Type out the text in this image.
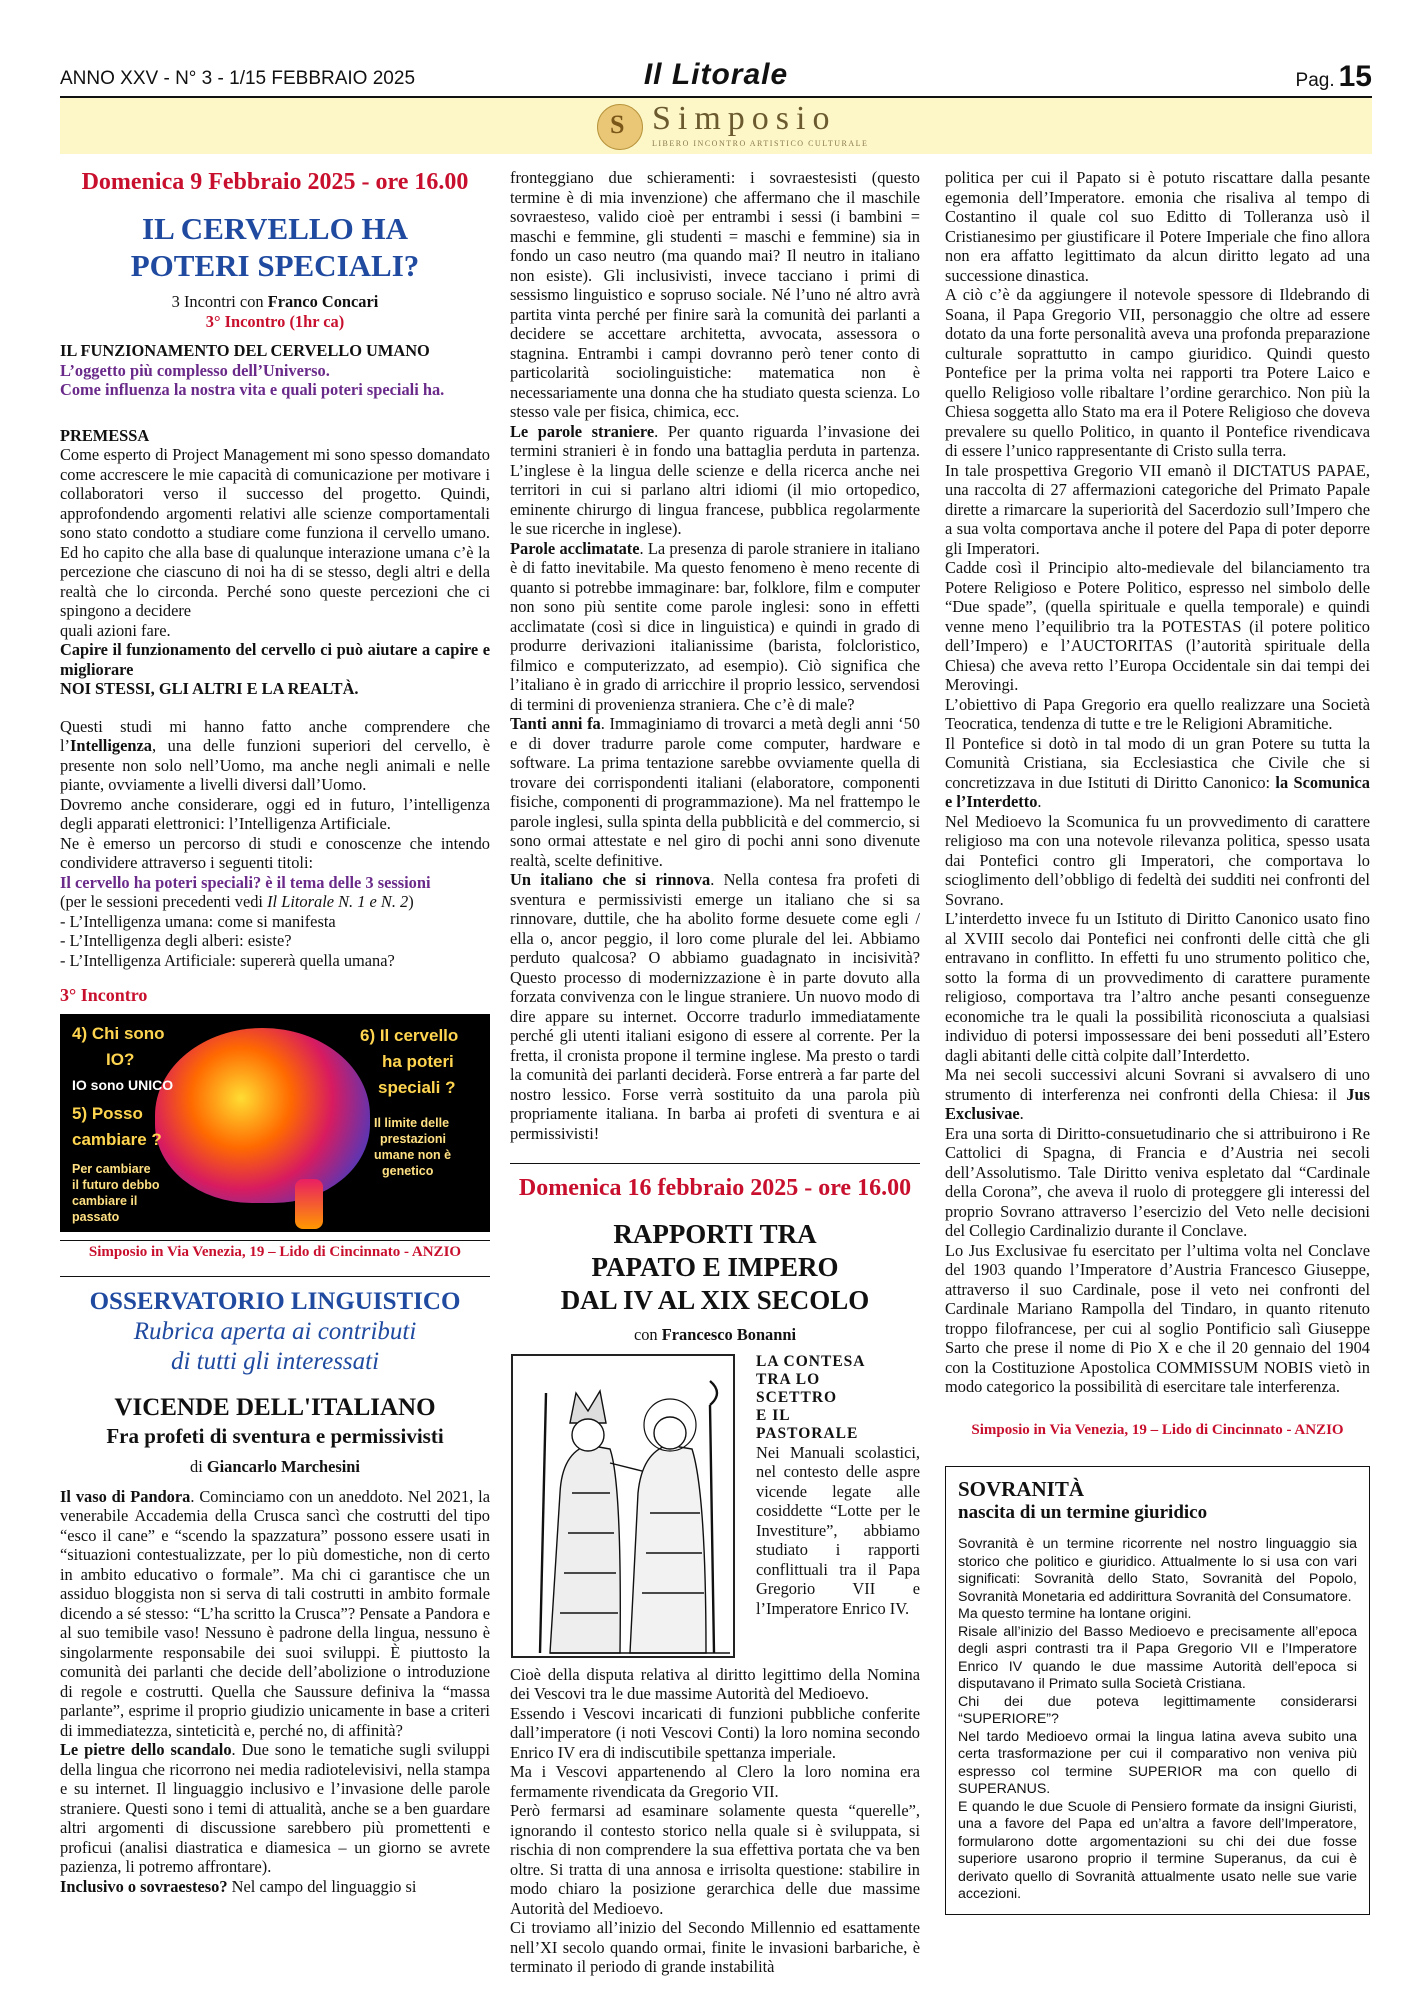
ANNO XXV - N° 3 - 1/15 FEBBRAIO 2025	Il Litorale	Pag. 15
S Simposio
LIBERO INCONTRO ARTISTICO CULTURALE
Domenica 9 Febbraio 2025 - ore 16.00
IL CERVELLO HA
POTERI SPECIALI?
3 Incontri con Franco Concari
3° Incontro (1hr ca)

IL FUNZIONAMENTO DEL CERVELLO UMANO

L’oggetto più complesso dell’Universo.

Come influenza la nostra vita e quali poteri speciali ha.

PREMESSA

Come esperto di Project Management mi sono spesso domandato come accrescere le mie capacità di comunicazione per motivare i collaboratori verso il successo del progetto. Quindi, approfondendo argomenti relativi alle scienze comportamentali sono stato condotto a studiare come funziona il cervello umano. Ed ho capito che alla base di qualunque interazione umana c’è la percezione che ciascuno di noi ha di se stesso, degli altri e della realtà che lo circonda. Perché sono queste percezioni che ci spingono a decidere

quali azioni fare.

Capire il funzionamento del cervello ci può aiutare a capire e migliorare

NOI STESSI, GLI ALTRI E LA REALTÀ.

Questi studi mi hanno fatto anche comprendere che l’Intelligenza, una delle funzioni superiori del cervello, è presente non solo nell’Uomo, ma anche negli animali e nelle piante, ovviamente a livelli diversi dall’Uomo.

Dovremo anche considerare, oggi ed in futuro, l’intelligenza degli apparati elettronici: l’Intelligenza Artificiale.

Ne è emerso un percorso di studi e conoscenze che intendo condividere attraverso i seguenti titoli:

Il cervello ha poteri speciali? è il tema delle 3 sessioni

(per le sessioni precedenti vedi Il Litorale N. 1 e N. 2)

- L’Intelligenza umana: come si manifesta

- L’Intelligenza degli alberi: esiste?

- L’Intelligenza Artificiale: supererà quella umana?

3° Incontro

4) Chi sono
IO?
IO sono UNICO
5) Posso
cambiare ?
Per cambiare
il futuro debbo
cambiare il
passato
6) Il cervello
ha poteri
speciali ?
Il limite delle
prestazioni
umane non è
genetico
Simposio in Via Venezia, 19 – Lido di Cincinnato - ANZIO
OSSERVATORIO LINGUISTICO
Rubrica aperta ai contributi
di tutti gli interessati
VICENDE DELL'ITALIANO
Fra profeti di sventura e permissivisti
di Giancarlo Marchesini

Il vaso di Pandora. Cominciamo con un aneddoto. Nel 2021, la venerabile Accademia della Crusca sancì che costrutti del tipo “esco il cane” e “scendo la spazzatura” possono essere usati in “situazioni contestualizzate, per lo più domestiche, non di certo in ambito educativo o formale”. Ma chi ci garantisce che un assiduo bloggista non si serva di tali costrutti in ambito formale dicendo a sé stesso: “L’ha scritto la Crusca”? Pensate a Pandora e al suo temibile vaso! Nessuno è padrone della lingua, nessuno è singolarmente responsabile dei suoi sviluppi. È piuttosto la comunità dei parlanti che decide dell’abolizione o introduzione di regole e costrutti. Quella che Saussure definiva la “massa parlante”, esprime il proprio giudizio unicamente in base a criteri di immediatezza, sinteticità e, perché no, di affinità?

Le pietre dello scandalo. Due sono le tematiche sugli sviluppi della lingua che ricorrono nei media radiotelevisivi, nella stampa e su internet. Il linguaggio inclusivo e l’invasione delle parole straniere. Questi sono i temi di attualità, anche se a ben guardare altri argomenti di discussione sarebbero più promettenti e proficui (analisi diastratica e diamesica – un giorno se avrete pazienza, li potremo affrontare).

Inclusivo o sovraesteso? Nel campo del linguaggio si

fronteggiano due schieramenti: i sovraestesisti (questo termine è di mia invenzione) che affermano che il maschile sovraesteso, valido cioè per entrambi i sessi (i bambini = maschi e femmine, gli studenti = maschi e femmine) sia in fondo un caso neutro (ma quando mai? Il neutro in italiano non esiste). Gli inclusivisti, invece tacciano i primi di sessismo linguistico e sopruso sociale. Né l’uno né altro avrà partita vinta perché per finire sarà la comunità dei parlanti a decidere se accettare architetta, avvocata, assessora o stagnina. Entrambi i campi dovranno però tener conto di particolarità sociolinguistiche: matematica non è necessariamente una donna che ha studiato questa scienza. Lo stesso vale per fisica, chimica, ecc.

Le parole straniere. Per quanto riguarda l’invasione dei termini stranieri è in fondo una battaglia perduta in partenza. L’inglese è la lingua delle scienze e della ricerca anche nei territori in cui si parlano altri idiomi (il mio ortopedico, eminente chirurgo di lingua francese, pubblica regolarmente le sue ricerche in inglese).

Parole acclimatate. La presenza di parole straniere in italiano è di fatto inevitabile. Ma questo fenomeno è meno recente di quanto si potrebbe immaginare: bar, folklore, film e computer non sono più sentite come parole inglesi: sono in effetti acclimatate (così si dice in linguistica) e quindi in grado di produrre derivazioni italianissime (barista, folcloristico, filmico e computerizzato, ad esempio). Ciò significa che l’italiano è in grado di arricchire il proprio lessico, servendosi di termini di provenienza straniera. Che c’è di male?

Tanti anni fa. Immaginiamo di trovarci a metà degli anni ‘50 e di dover tradurre parole come computer, hardware e software. La prima tentazione sarebbe ovviamente quella di trovare dei corrispondenti italiani (elaboratore, componenti fisiche, componenti di programmazione). Ma nel frattempo le parole inglesi, sulla spinta della pubblicità e del commercio, si sono ormai attestate e nel giro di pochi anni sono divenute realtà, scelte definitive.

Un italiano che si rinnova. Nella contesa fra profeti di sventura e permissivisti emerge un italiano che si sa rinnovare, duttile, che ha abolito forme desuete come egli / ella o, ancor peggio, il loro come plurale del lei. Abbiamo perduto qualcosa? O abbiamo guadagnato in incisività? Questo processo di modernizzazione è in parte dovuto alla forzata convivenza con le lingue straniere. Un nuovo modo di dire appare su internet. Occorre tradurlo immediatamente perché gli utenti italiani esigono di essere al corrente. Per la fretta, il cronista propone il termine inglese. Ma presto o tardi la comunità dei parlanti deciderà. Forse entrerà a far parte del nostro lessico. Forse verrà sostituito da una parola più propriamente italiana. In barba ai profeti di sventura e ai permissivisti!

Domenica 16 febbraio 2025 - ore 16.00
RAPPORTI TRA
PAPATO E IMPERO
DAL IV AL XIX SECOLO
con Francesco Bonanni
LA CONTESA
TRA LO
SCETTRO
E IL
PASTORALE

Nei Manuali scolastici, nel contesto delle aspre vicende legate alle cosiddette “Lotte per le Investiture”, abbiamo studiato i rapporti conflittuali tra il Papa Gregorio VII e l’Imperatore Enrico IV.

Cioè della disputa relativa al diritto legittimo della Nomina dei Vescovi tra le due massime Autorità del Medioevo.

Essendo i Vescovi incaricati di funzioni pubbliche conferite dall’imperatore (i noti Vescovi Conti) la loro nomina secondo Enrico IV era di indiscutibile spettanza imperiale.

Ma i Vescovi appartenendo al Clero la loro nomina era fermamente rivendicata da Gregorio VII.

Però fermarsi ad esaminare solamente questa “querelle”, ignorando il contesto storico nella quale si è sviluppata, si rischia di non comprendere la sua effettiva portata che va ben oltre. Si tratta di una annosa e irrisolta questione: stabilire in modo chiaro la posizione gerarchica delle due massime Autorità del Medioevo.

Ci troviamo all’inizio del Secondo Millennio ed esattamente nell’XI secolo quando ormai, finite le invasioni barbariche, è terminato il periodo di grande instabilità

politica per cui il Papato si è potuto riscattare dalla pesante egemonia dell’Imperatore. emonia che risaliva al tempo di Costantino il quale col suo Editto di Tolleranza usò il Cristianesimo per giustificare il Potere Imperiale che fino allora non era affatto legittimato da alcun diritto legato ad una successione dinastica.

A ciò c’è da aggiungere il notevole spessore di Ildebrando di Soana, il Papa Gregorio VII, personaggio che oltre ad essere dotato da una forte personalità aveva una profonda preparazione culturale soprattutto in campo giuridico. Quindi questo Pontefice per la prima volta nei rapporti tra Potere Laico e quello Religioso volle ribaltare l’ordine gerarchico. Non più la Chiesa soggetta allo Stato ma era il Potere Religioso che doveva prevalere su quello Politico, in quanto il Pontefice rivendicava di essere l’unico rappresentante di Cristo sulla terra.

In tale prospettiva Gregorio VII emanò il DICTATUS PAPAE, una raccolta di 27 affermazioni categoriche del Primato Papale dirette a rimarcare la superiorità del Sacerdozio sull’Impero che a sua volta comportava anche il potere del Papa di poter deporre gli Imperatori.

Cadde così il Principio alto-medievale del bilanciamento tra Potere Religioso e Potere Politico, espresso nel simbolo delle “Due spade”, (quella spirituale e quella temporale) e quindi venne meno l’equilibrio tra la POTESTAS (il potere politico dell’Impero) e l’AUCTORITAS (l’autorità spirituale della Chiesa) che aveva retto l’Europa Occidentale sin dai tempi dei Merovingi.

L’obiettivo di Papa Gregorio era quello realizzare una Società Teocratica, tendenza di tutte e tre le Religioni Abramitiche.

Il Pontefice si dotò in tal modo di un gran Potere su tutta la Comunità Cristiana, sia Ecclesiastica che Civile che si concretizzava in due Istituti di Diritto Canonico: la Scomunica e l’Interdetto.

Nel Medioevo la Scomunica fu un provvedimento di carattere religioso ma con una notevole rilevanza politica, spesso usata dai Pontefici contro gli Imperatori, che comportava lo scioglimento dell’obbligo di fedeltà dei sudditi nei confronti del Sovrano.

L’interdetto invece fu un Istituto di Diritto Canonico usato fino al XVIII secolo dai Pontefici nei confronti delle città che gli entravano in conflitto. In effetti fu uno strumento politico che, sotto la forma di un provvedimento di carattere puramente religioso, comportava tra l’altro anche pesanti conseguenze economiche tra le quali la possibilità riconosciuta a qualsiasi individuo di potersi impossessare dei beni posseduti all’Estero dagli abitanti delle città colpite dall’Interdetto.

Ma nei secoli successivi alcuni Sovrani si avvalsero di uno strumento di interferenza nei confronti della Chiesa: il Jus Exclusivae.

Era una sorta di Diritto-consuetudinario che si attribuirono i Re Cattolici di Spagna, di Francia e d’Austria nei secoli dell’Assolutismo. Tale Diritto veniva espletato dal “Cardinale della Corona”, che aveva il ruolo di proteggere gli interessi del proprio Sovrano attraverso l’esercizio del Veto nelle decisioni del Collegio Cardinalizio durante il Conclave.

Lo Jus Exclusivae fu esercitato per l’ultima volta nel Conclave del 1903 quando l’Imperatore d’Austria Francesco Giuseppe, attraverso il suo Cardinale, pose il veto nei confronti del Cardinale Mariano Rampolla del Tindaro, in quanto ritenuto troppo filofrancese, per cui al soglio Pontificio salì Giuseppe Sarto che prese il nome di Pio X e che il 20 gennaio del 1904 con la Costituzione Apostolica COMMISSUM NOBIS vietò in modo categorico la possibilità di esercitare tale interferenza.

Simposio in Via Venezia, 19 – Lido di Cincinnato - ANZIO
SOVRANITÀ
nascita di un termine giuridico

Sovranità è un termine ricorrente nel nostro linguaggio sia storico che politico e giuridico. Attualmente lo si usa con vari significati: Sovranità dello Stato, Sovranità del Popolo, Sovranità Monetaria ed addirittura Sovranità del Consumatore.

Ma questo termine ha lontane origini.

Risale all’inizio del Basso Medioevo e precisamente all’epoca degli aspri contrasti tra il Papa Gregorio VII e l’Imperatore Enrico IV quando le due massime Autorità dell’epoca si disputavano il Primato sulla Società Cristiana.

Chi dei due poteva legittimamente considerarsi “SUPERIORE”?

Nel tardo Medioevo ormai la lingua latina aveva subito una certa trasformazione per cui il comparativo non veniva più espresso col termine SUPERIOR ma con quello di SUPERANUS.

E quando le due Scuole di Pensiero formate da insigni Giuristi, una a favore del Papa ed un’altra a favore dell’Imperatore, formularono dotte argomentazioni su chi dei due fosse superiore usarono proprio il termine Superanus, da cui è derivato quello di Sovranità attualmente usato nelle sue varie accezioni.
